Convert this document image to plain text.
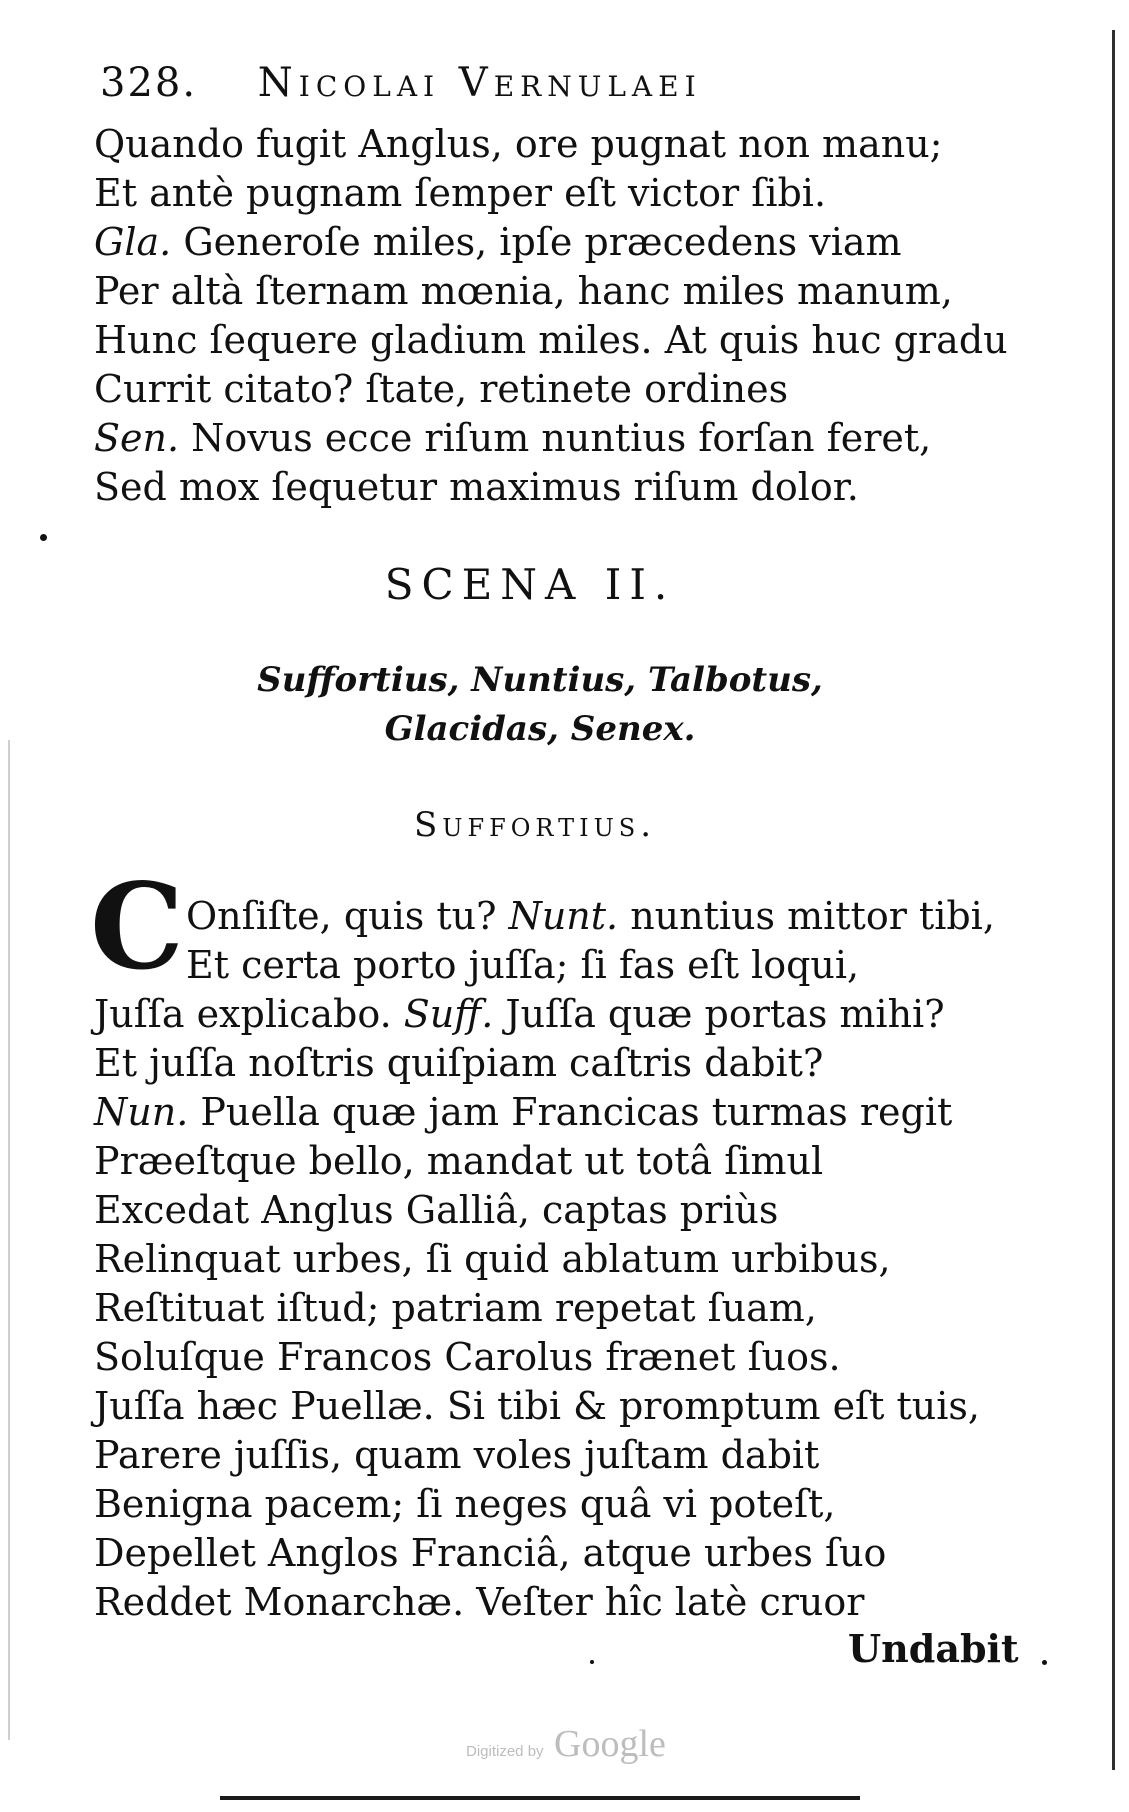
328. Nicolai Vernulaei
Quando fugit Anglus, ore pugnat non manu;
Et antè pugnam ſemper eſt victor ſibi.
Gla. Generoſe miles, ipſe præcedens viam
Per altà ſternam mœnia, hanc miles manum,
Hunc ſequere gladium miles. At quis huc gradu
Currit citato? ſtate, retinete ordines
Sen. Novus ecce riſum nuntius forſan feret,
Sed mox ſequetur maximus riſum dolor.
SCENA II.
Suffortius, Nuntius, Talbotus,
Glacidas, Senex.
Suffortius.
C Onſiſte, quis tu? Nunt. nuntius mittor tibi,
Et certa porto juſſa; ſi fas eſt loqui,
Juſſa explicabo. Suff. Juſſa quæ portas mihi?
Et juſſa noſtris quiſpiam caſtris dabit?
Nun. Puella quæ jam Francicas turmas regit
Præeſtque bello, mandat ut totâ ſimul
Excedat Anglus Galliâ, captas priùs
Relinquat urbes, ſi quid ablatum urbibus,
Reſtituat iſtud; patriam repetat ſuam,
Soluſque Francos Carolus frænet ſuos.
Juſſa hæc Puellæ. Si tibi & promptum eſt tuis,
Parere juſſis, quam voles juſtam dabit
Benigna pacem; ſi neges quâ vi poteſt,
Depellet Anglos Franciâ, atque urbes ſuo
Reddet Monarchæ. Veſter hîc latè cruor
Undabit
Digitized by Google
